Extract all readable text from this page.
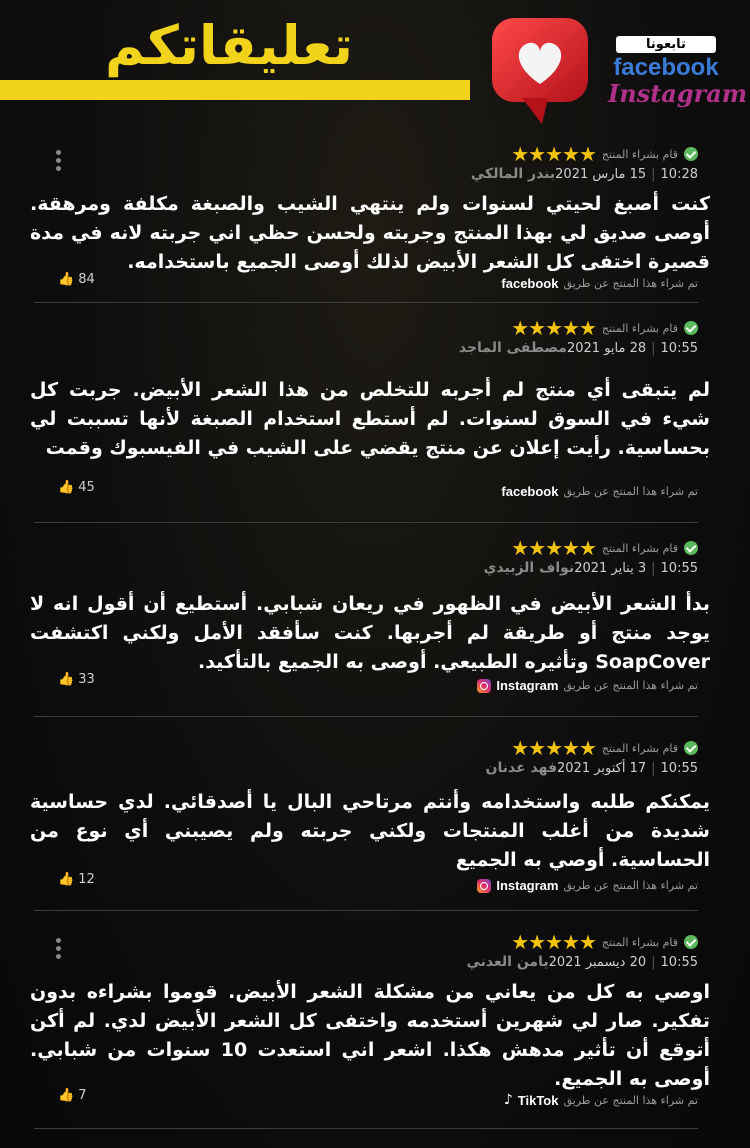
تعليقاتكم	تابعونا
facebook
Instagram
قام بشراء المنتج
★★★★★
10:28|15 مارس 2021بندر المالكي
كنت أصبغ لحيتي لسنوات ولم ينتهي الشيب والصبغة مكلفة ومرهقة. أوصى صديق لي بهذا المنتج وجربته ولحسن حظي اني جربته لانه في مدة قصيرة اختفى كل الشعر الأبيض لذلك أوصى الجميع باستخدامه.
تم شراء هذا المنتج عن طريق
facebook
👍 84
قام بشراء المنتج
★★★★★
10:55|28 مايو 2021مصطفى الماجد
لم يتبقى أي منتج لم أجربه للتخلص من هذا الشعر الأبيض. جربت كل شيء في السوق لسنوات. لم أستطع استخدام الصبغة لأنها تسببت لي بحساسية. رأيت إعلان عن منتج يقضي على الشيب في الفيسبوك وقمت
تم شراء هذا المنتج عن طريق
facebook
👍 45
قام بشراء المنتج
★★★★★
10:55|3 يناير 2021نواف الزبيدي
بدأ الشعر الأبيض في الظهور في ريعان شبابي. أستطيع أن أقول انه لا يوجد منتج أو طريقة لم أجربها. كنت سأفقد الأمل ولكني اكتشفت SoapCover وتأثيره الطبيعي. أوصى به الجميع بالتأكيد.
تم شراء هذا المنتج عن طريق
Instagram
👍 33
قام بشراء المنتج
★★★★★
10:55|17 أكتوبر 2021فهد عدنان
يمكنكم طلبه واستخدامه وأنتم مرتاحي البال يا أصدقائي. لدي حساسية شديدة من أغلب المنتجات ولكني جربته ولم يصيبني أي نوع من الحساسية. أوصي به الجميع
تم شراء هذا المنتج عن طريق
Instagram
👍 12
قام بشراء المنتج
★★★★★
10:55|20 ديسمبر 2021يامن العدني
اوصي به كل من يعاني من مشكلة الشعر الأبيض. قوموا بشراءه بدون تفكير. صار لي شهرين أستخدمه واختفى كل الشعر الأبيض لدي. لم أكن أتوقع أن تأثير مدهش هكذا. اشعر اني استعدت 10 سنوات من شبابي. أوصى به الجميع.
تم شراء هذا المنتج عن طريق
TikTok
♪
👍 7
